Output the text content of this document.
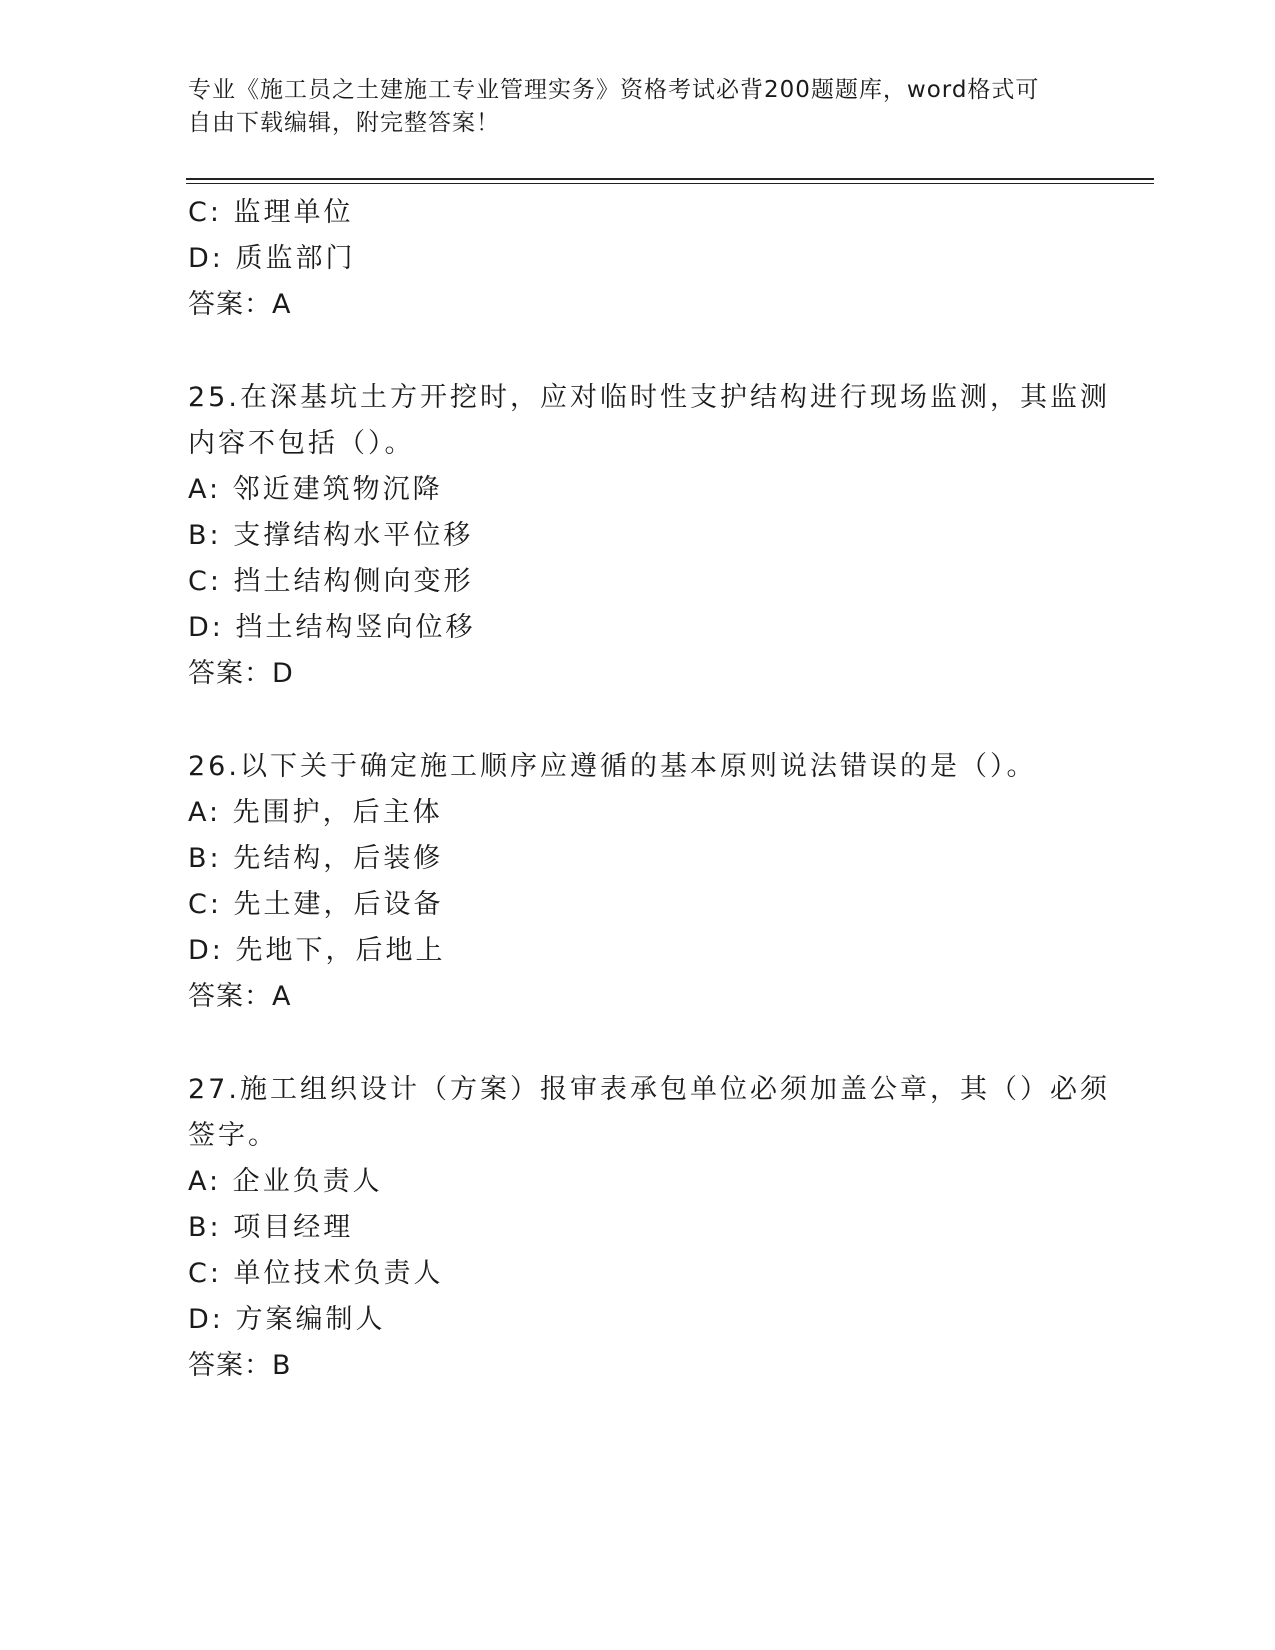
专业《施工员之土建施工专业管理实务》资格考试必背200题题库，word格式可
自由下载编辑，附完整答案！
C: 监理单位
D: 质监部门
答案：A
25.在深基坑土方开挖时，应对临时性支护结构进行现场监测，其监测
内容不包括（）。
A: 邻近建筑物沉降
B: 支撑结构水平位移
C: 挡土结构侧向变形
D: 挡土结构竖向位移
答案：D
26.以下关于确定施工顺序应遵循的基本原则说法错误的是（）。
A: 先围护，后主体
B: 先结构，后装修
C: 先土建，后设备
D: 先地下，后地上
答案：A
27.施工组织设计（方案）报审表承包单位必须加盖公章，其（）必须
签字。
A: 企业负责人
B: 项目经理
C: 单位技术负责人
D: 方案编制人
答案：B
